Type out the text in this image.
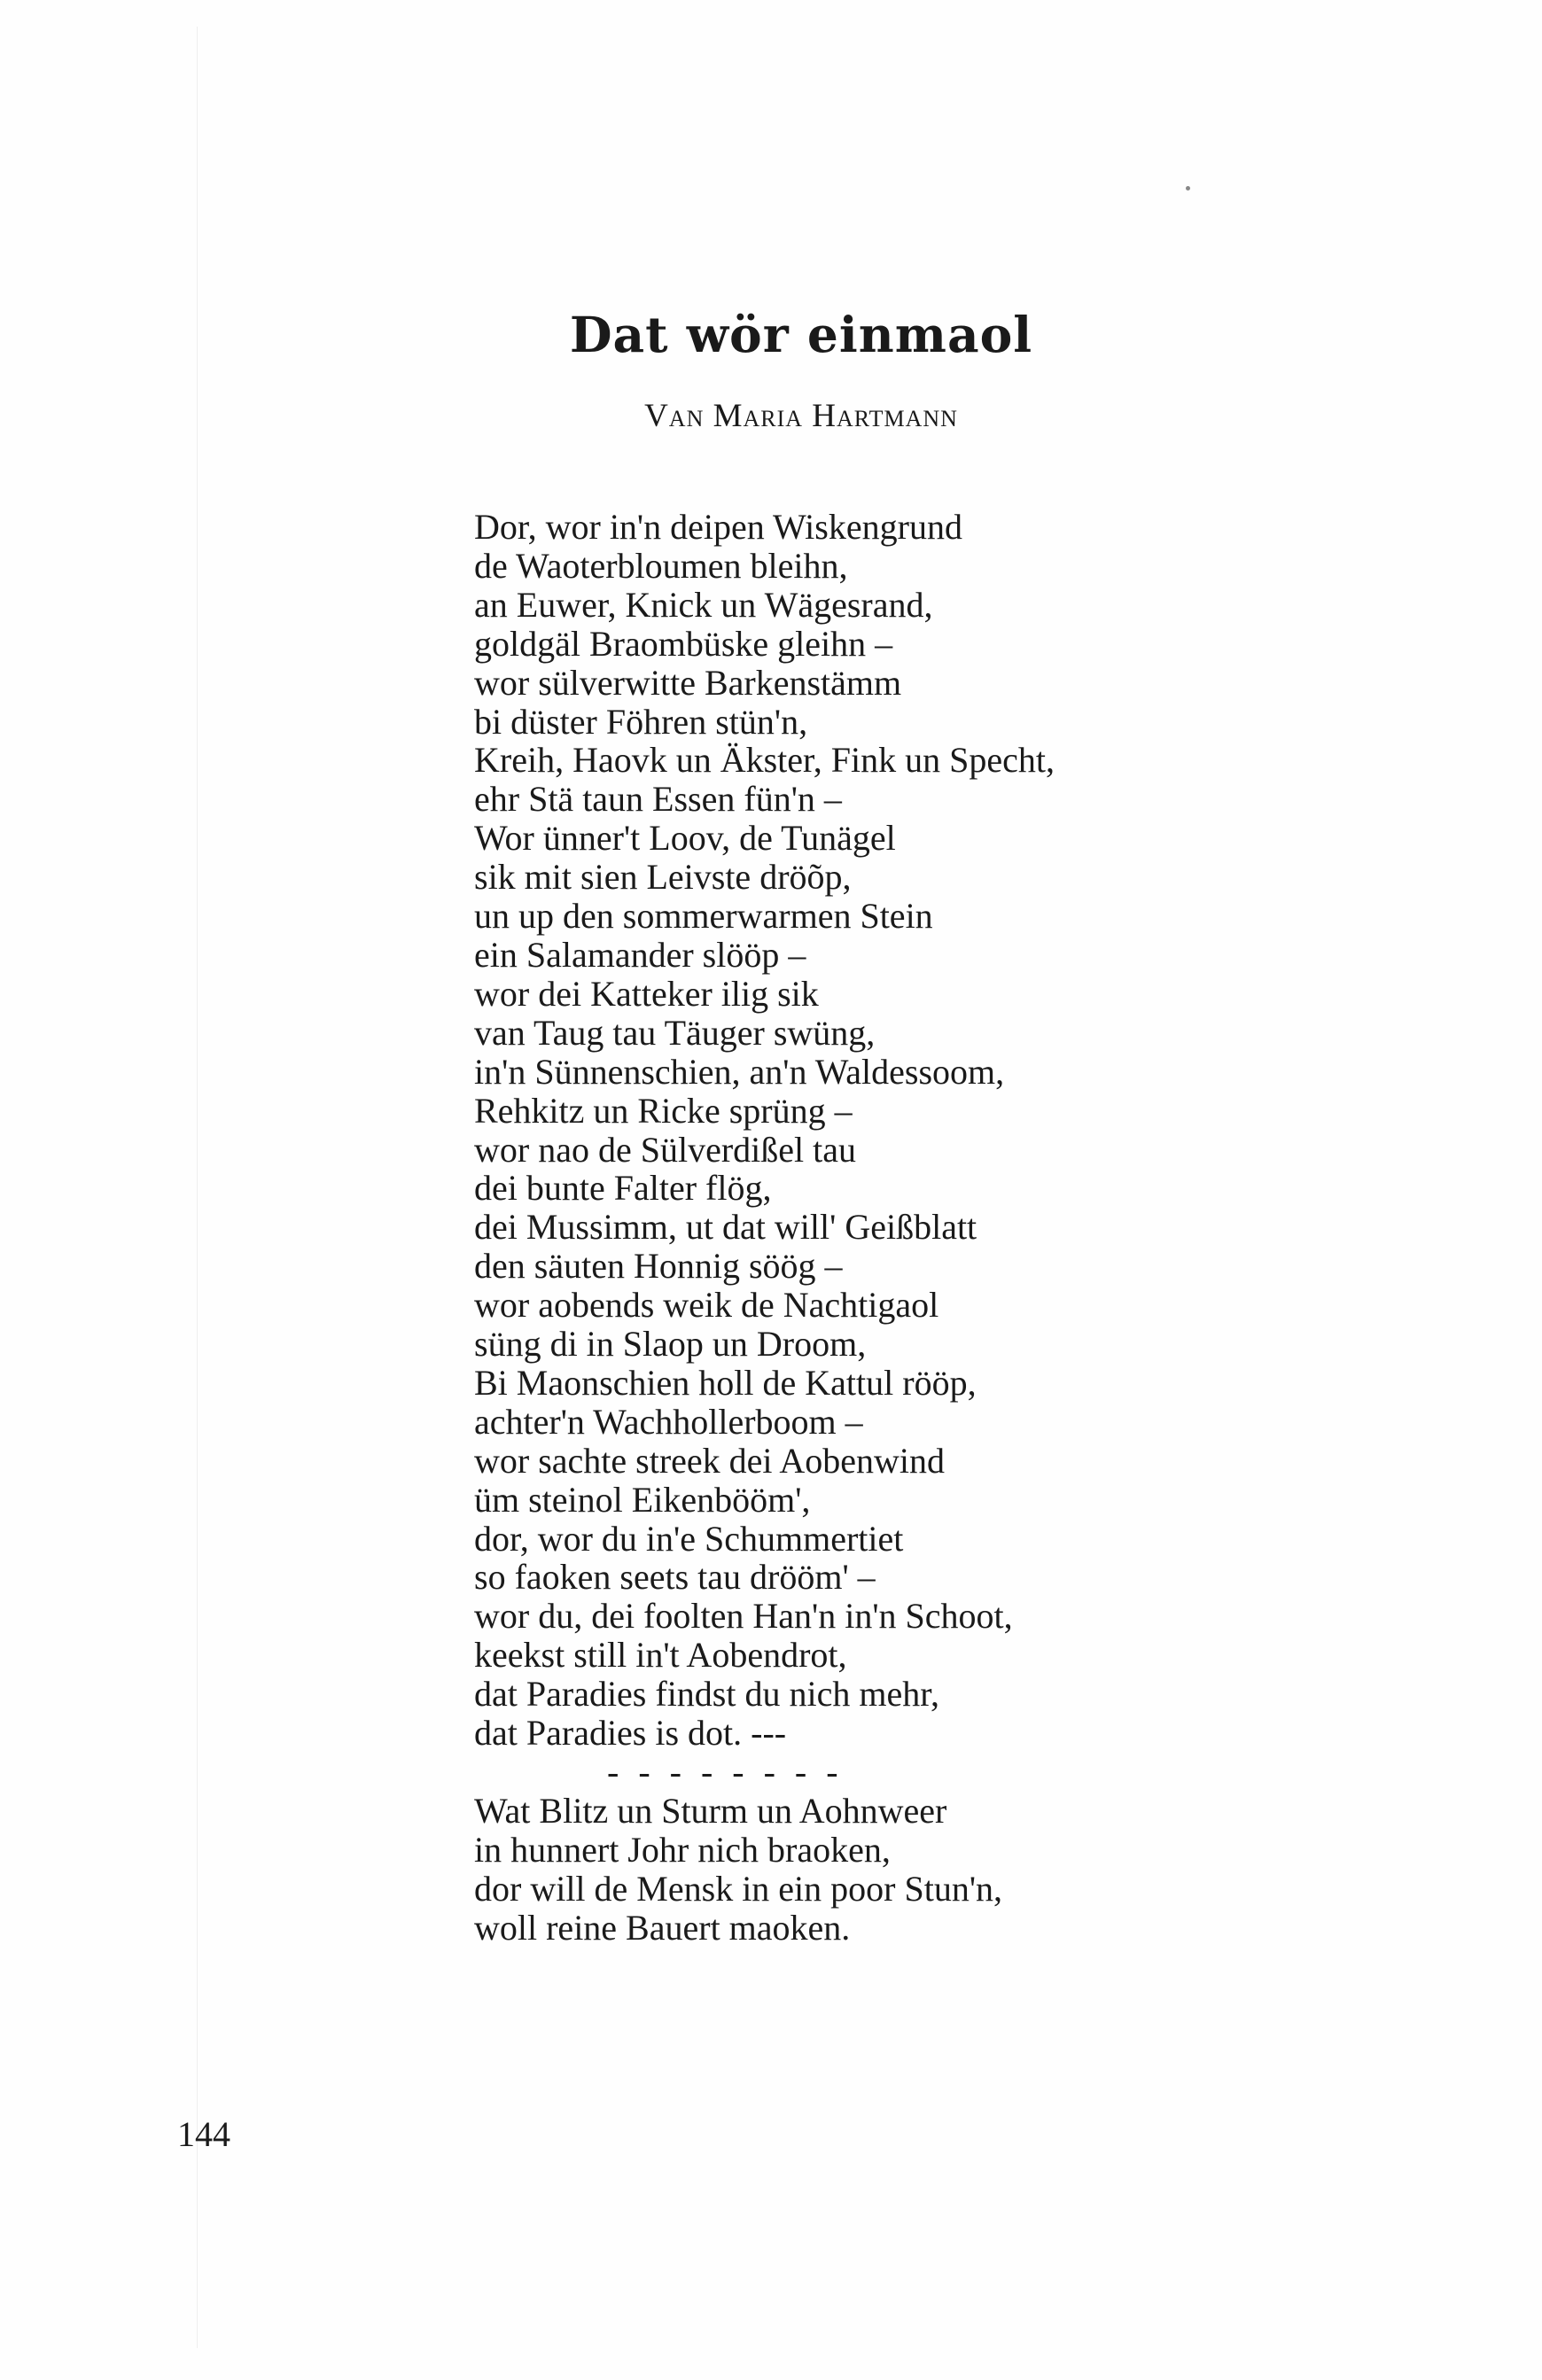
Dat wör einmaol

Van Maria Hartmann

Dor, wor in'n deipen Wiskengrund
de Waoterbloumen bleihn,
an Euwer, Knick un Wägesrand,
goldgäl Braombüske gleihn –
wor sülverwitte Barkenstämm
bi düster Föhren stün'n,
Kreih, Haovk un Äkster, Fink un Specht,
ehr Stä taun Essen fün'n –
Wor ünner't Loov, de Tunägel
sik mit sien Leivste dröõp,
un up den sommerwarmen Stein
ein Salamander slööp –
wor dei Katteker ilig sik
van Taug tau Täuger swüng,
in'n Sünnenschien, an'n Waldessoom,
Rehkitz un Ricke sprüng –
wor nao de Sülverdißel tau
dei bunte Falter flög,
dei Mussimm, ut dat will' Geißblatt
den säuten Honnig söög –
wor aobends weik de Nachtigaol
süng di in Slaop un Droom,
Bi Maonschien holl de Kattul rööp,
achter'n Wachhollerboom –
wor sachte streek dei Aobenwind
üm steinol Eikenbööm',
dor, wor du in'e Schummertiet
so faoken seets tau drööm' –
wor du, dei foolten Han'n in'n Schoot,
keekst still in't Aobendrot,
dat Paradies findst du nich mehr,
dat Paradies is dot. ---
- - - - - - - -
Wat Blitz un Sturm un Aohnweer
in hunnert Johr nich braoken,
dor will de Mensk in ein poor Stun'n,
woll reine Bauert maoken.
144
